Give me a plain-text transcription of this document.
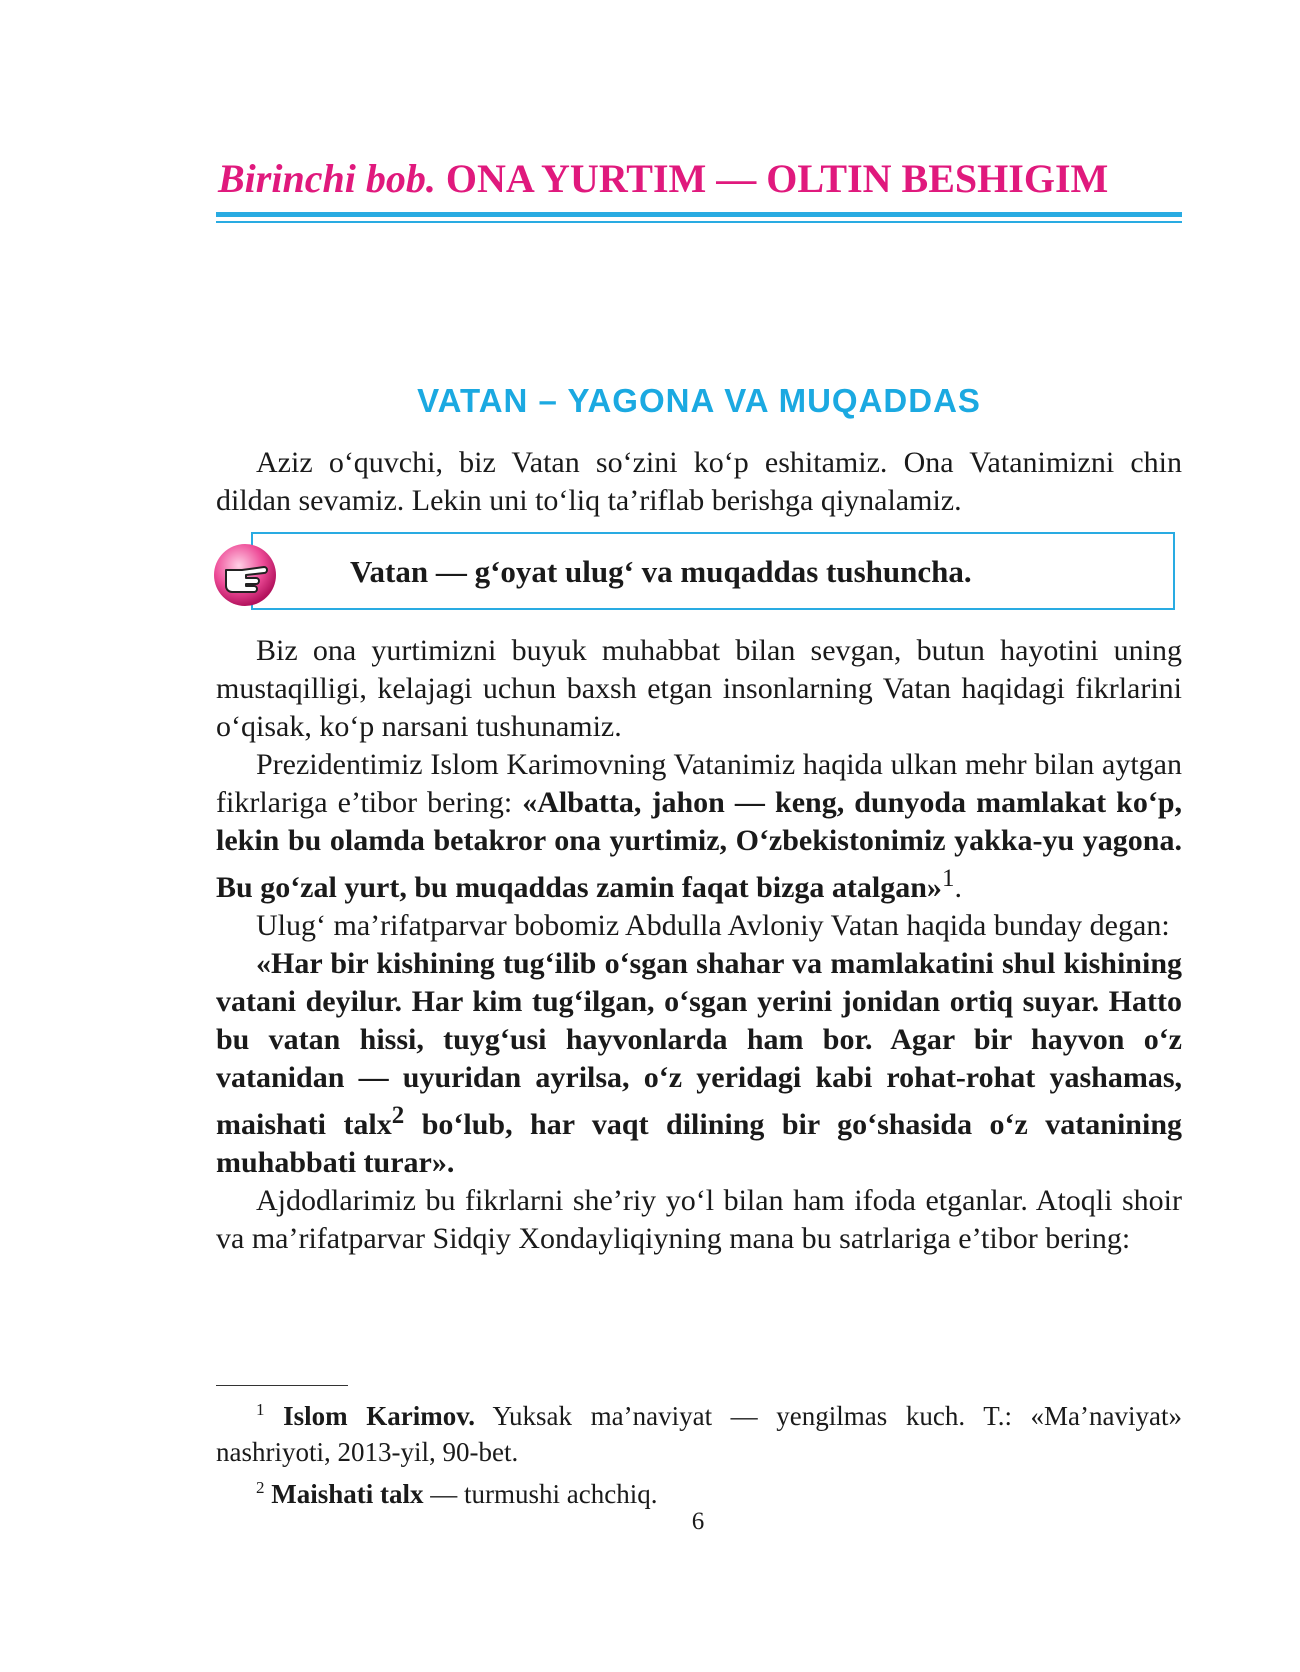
Birinchi bob. ONA YURTIM — OLTIN BESHIGIM
VATAN – YAGONA VA MUQADDAS

Aziz o‘quvchi, biz Vatan so‘zini ko‘p eshitamiz. Ona Vatanimizni chin dildan sevamiz. Lekin uni to‘liq ta’riflab berishga qiynalamiz.

Vatan — g‘oyat ulug‘ va muqaddas tushuncha.

Biz ona yurtimizni buyuk muhabbat bilan sevgan, butun hayotini uning mustaqilligi, kelajagi uchun baxsh etgan insonlarning Vatan haqidagi fikrlarini o‘qisak, ko‘p narsani tushunamiz.

Prezidentimiz Islom Karimovning Vatanimiz haqida ulkan mehr bilan aytgan fikrlariga e’tibor bering: «Albatta, jahon — keng, dunyoda mamlakat ko‘p, lekin bu olamda betakror ona yurtimiz, O‘zbekistonimiz yakka-yu yagona. Bu go‘zal yurt, bu muqaddas zamin faqat bizga atalgan»$^1$.

Ulug‘ ma’rifatparvar bobomiz Abdulla Avloniy Vatan haqida bunday degan:

«Har bir kishining tug‘ilib o‘sgan shahar va mamlakatini shul kishining vatani deyilur. Har kim tug‘ilgan, o‘sgan yerini jonidan ortiq suyar. Hatto bu vatan hissi, tuyg‘usi hayvonlarda ham bor. Agar bir hayvon o‘z vatanidan — uyuridan ayrilsa, o‘z yeridagi kabi rohat-rohat yashamas, maishati talx$^2$ bo‘lub, har vaqt dilining bir go‘shasida o‘z vatanining muhabbati turar».

Ajdodlarimiz bu fikrlarni she’riy yo‘l bilan ham ifoda etganlar. Atoqli shoir va ma’rifatparvar Sidqiy Xondayliqiyning mana bu satrlariga e’tibor bering:

$^1$ Islom Karimov. Yuksak ma’naviyat — yengilmas kuch. T.: «Ma’naviyat» nashriyoti, 2013-yil, 90-bet.

$^2$ Maishati talx — turmushi achchiq.

6
